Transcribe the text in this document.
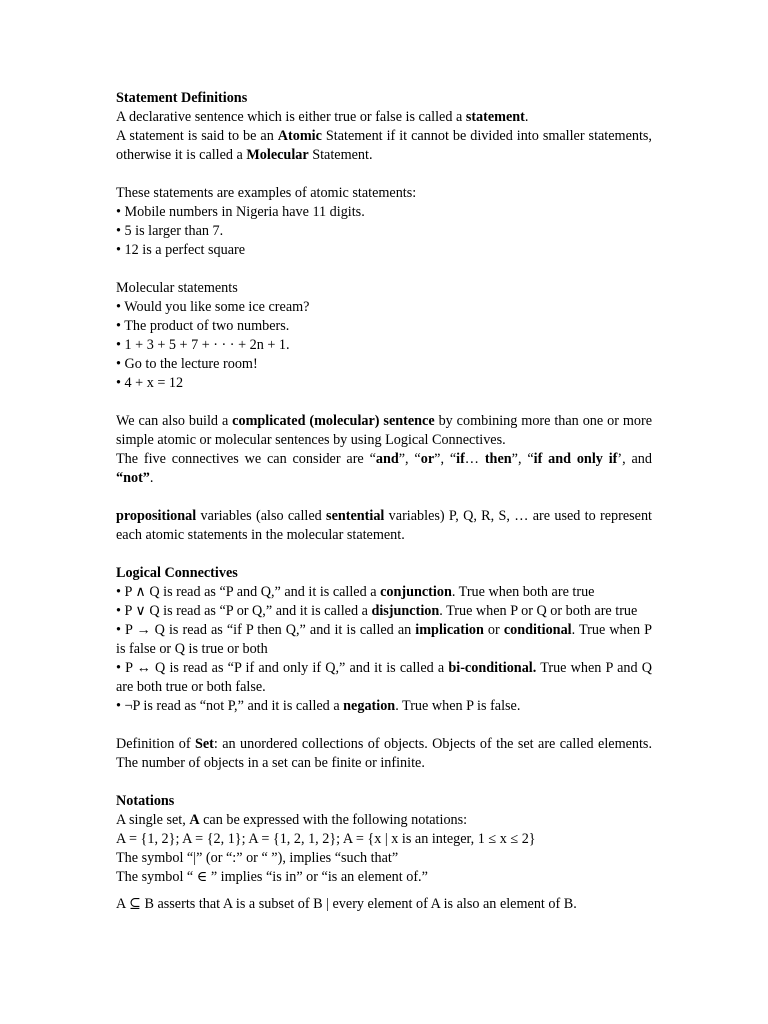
Statement Definitions

A declarative sentence which is either true or false is called a statement.

A statement is said to be an Atomic Statement if it cannot be divided into smaller statements, otherwise it is called a Molecular Statement.

These statements are examples of atomic statements:

• Mobile numbers in Nigeria have 11 digits.

• 5 is larger than 7.

• 12 is a perfect square

Molecular statements

• Would you like some ice cream?

• The product of two numbers.

• 1 + 3 + 5 + 7 + · · · + 2n + 1.

• Go to the lecture room!

• 4 + x = 12

We can also build a complicated (molecular) sentence by combining more than one or more simple atomic or molecular sentences by using Logical Connectives.

The five connectives we can consider are “and”, “or”, “if… then”, “if and only if’, and “not”.

propositional variables (also called sentential variables) P, Q, R, S, … are used to represent each atomic statements in the molecular statement.

Logical Connectives

• P ∧ Q is read as “P and Q,” and it is called a conjunction. True when both are true

• P ∨ Q is read as “P or Q,” and it is called a disjunction. True when P or Q or both are true

• P → Q is read as “if P then Q,” and it is called an implication or conditional. True when P is false or Q is true or both

• P ↔ Q is read as “P if and only if Q,” and it is called a bi-conditional. True when P and Q are both true or both false.

• ¬P is read as “not P,” and it is called a negation. True when P is false.

Definition of Set: an unordered collections of objects. Objects of the set are called elements. The number of objects in a set can be finite or infinite.

Notations

A single set, A can be expressed with the following notations:

A = {1, 2}; A = {2, 1}; A = {1, 2, 1, 2}; A = {x | x is an integer, 1 ≤ x ≤ 2}

The symbol “|” (or “:” or “ ”), implies “such that”

The symbol “ ∈ ” implies “is in” or “is an element of.”

A ⊆ B asserts that A is a subset of B | every element of A is also an element of B.
